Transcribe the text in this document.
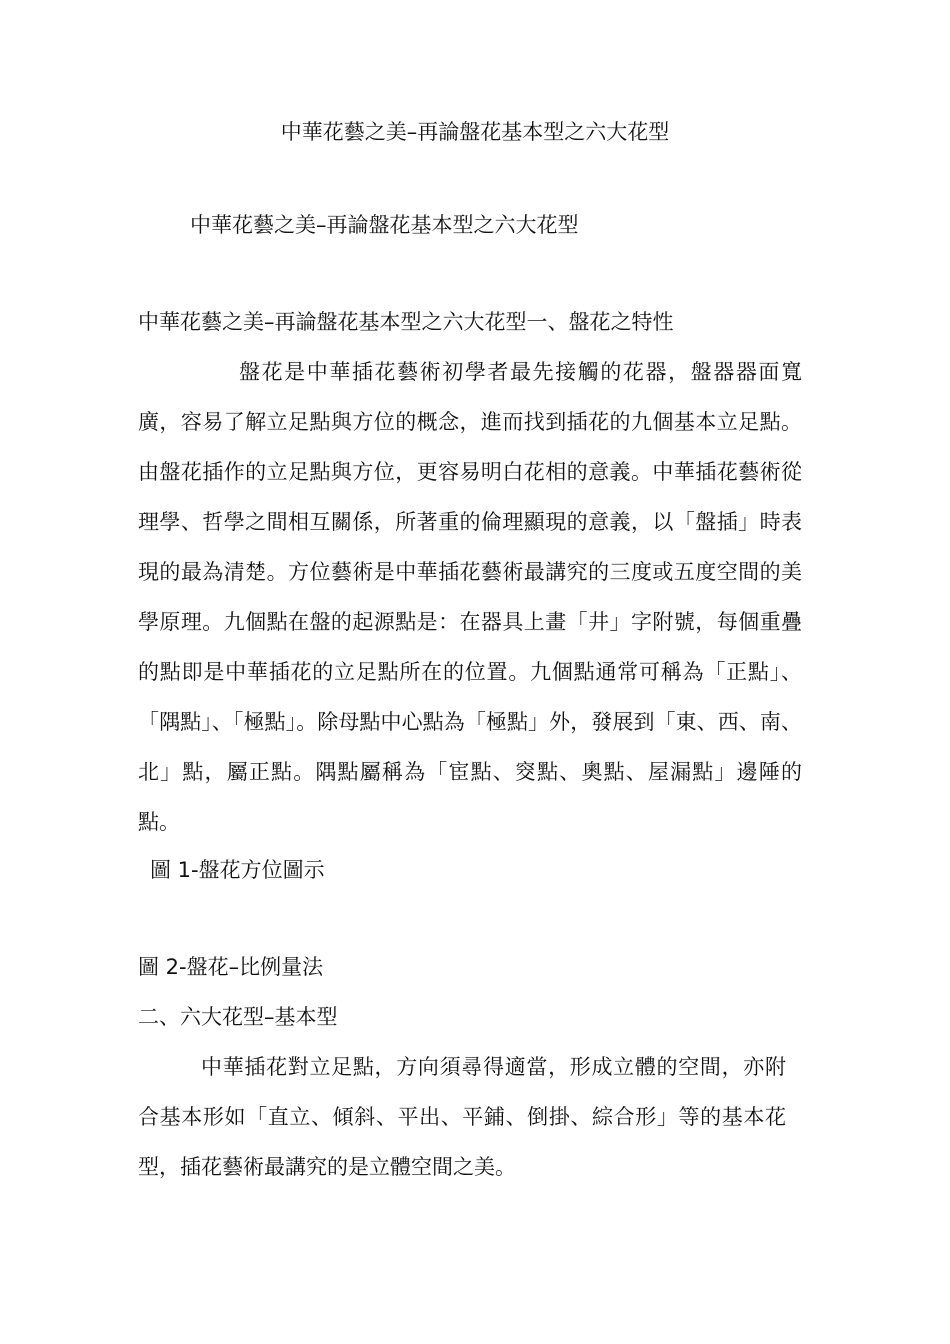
中華花藝之美–再論盤花基本型之六大花型
中華花藝之美–再論盤花基本型之六大花型
中華花藝之美–再論盤花基本型之六大花型一、盤花之特性
盤花是中華插花藝術初學者最先接觸的花器，盤器器面寬廣，容易了解立足點與方位的概念，進而找到插花的九個基本立足點。由盤花插作的立足點與方位，更容易明白花相的意義。中華插花藝術從理學、哲學之間相互關係，所著重的倫理顯現的意義，以「盤插」時表現的最為清楚。方位藝術是中華插花藝術最講究的三度或五度空間的美學原理。九個點在盤的起源點是：在器具上畫「井」字附號，每個重疊的點即是中華插花的立足點所在的位置。九個點通常可稱為「正點」、「隅點」、「極點」。除母點中心點為「極點」外，發展到「東、西、南、北」點，屬正點。隅點屬稱為「宦點、窔點、奧點、屋漏點」邊陲的點。
圖 1-盤花方位圖示
圖 2-盤花–比例量法
二、六大花型–基本型
中華插花對立足點，方向須尋得適當，形成立體的空間，亦附合基本形如「直立、傾斜、平出、平鋪、倒掛、綜合形」等的基本花型，插花藝術最講究的是立體空間之美。
